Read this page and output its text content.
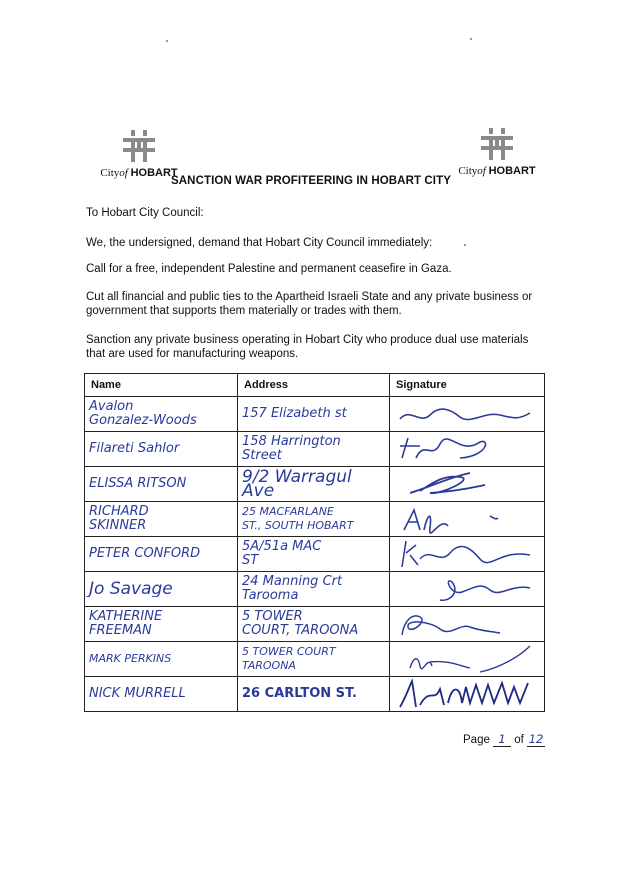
Cityof HOBART	Cityof HOBART
SANCTION WAR PROFITEERING IN HOBART CITY
To Hobart City Council:
We, the undersigned, demand that Hobart City Council immediately:
Call for a free, independent Palestine and permanent ceasefire in Gaza.
Cut all financial and public ties to the Apartheid Israeli State and any private business or government that supports them materially or trades with them.
Sanction any private business operating in Hobart City who produce dual use materials that are used for manufacturing weapons.
Name	Address	Signature

Avalon
Gonzalez-Woods	157 Elizabeth st

Filareti Sahlor	158 Harrington
Street

ELISSA RITSON	9/2 Warragul Ave

RICHARD
SKINNER	25 MACFARLANE
ST., SOUTH HOBART

PETER CONFORD	5A/51a MAC
ST

Jo Savage	24 Manning Crt
Tarooma

KATHERINE
FREEMAN	5 TOWER
COURT, TAROONA

MARK PERKINS	5 TOWER COURT
TAROONA

NICK MURRELL	26 CARLTON ST.

Page 1 of 12
